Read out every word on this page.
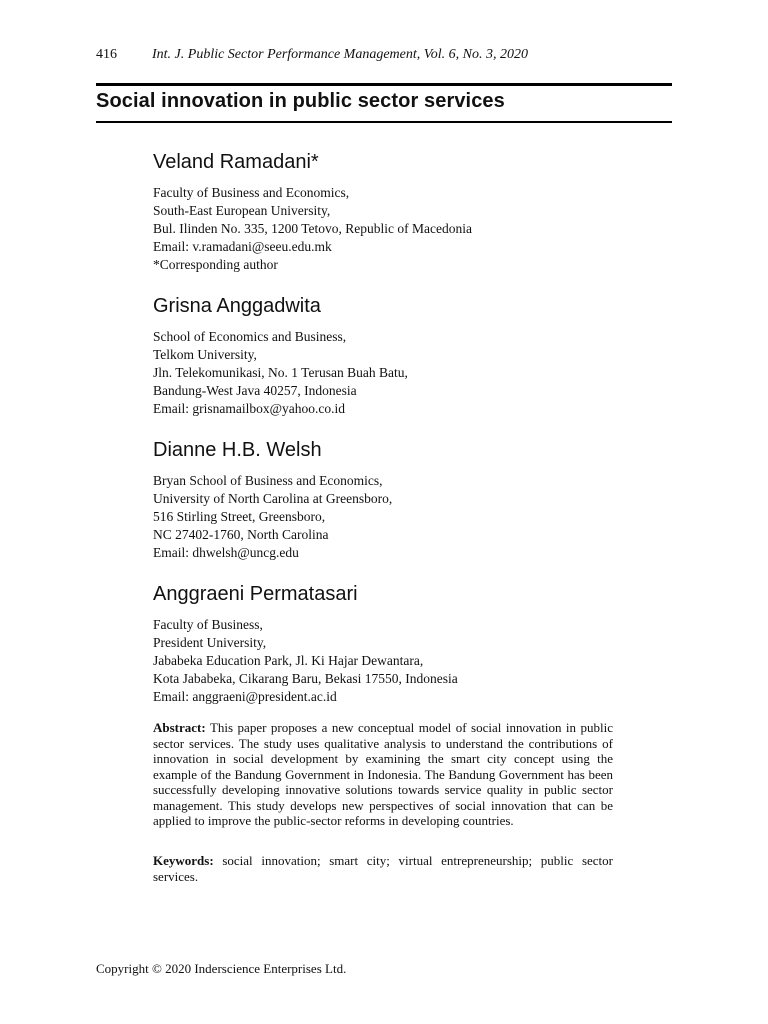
416	Int. J. Public Sector Performance Management, Vol. 6, No. 3, 2020
Social innovation in public sector services
Veland Ramadani*
Faculty of Business and Economics,
South-East European University,
Bul. Ilinden No. 335, 1200 Tetovo, Republic of Macedonia
Email: v.ramadani@seeu.edu.mk
*Corresponding author
Grisna Anggadwita
School of Economics and Business,
Telkom University,
Jln. Telekomunikasi, No. 1 Terusan Buah Batu,
Bandung-West Java 40257, Indonesia
Email: grisnamailbox@yahoo.co.id
Dianne H.B. Welsh
Bryan School of Business and Economics,
University of North Carolina at Greensboro,
516 Stirling Street, Greensboro,
NC 27402-1760, North Carolina
Email: dhwelsh@uncg.edu
Anggraeni Permatasari
Faculty of Business,
President University,
Jababeka Education Park, Jl. Ki Hajar Dewantara,
Kota Jababeka, Cikarang Baru, Bekasi 17550, Indonesia
Email: anggraeni@president.ac.id

Abstract: This paper proposes a new conceptual model of social innovation in public sector services. The study uses qualitative analysis to understand the contributions of innovation in social development by examining the smart city concept using the example of the Bandung Government in Indonesia. The Bandung Government has been successfully developing innovative solutions towards service quality in public sector management. This study develops new perspectives of social innovation that can be applied to improve the public-sector reforms in developing countries.

Keywords: social innovation; smart city; virtual entrepreneurship; public sector services.

Copyright © 2020 Inderscience Enterprises Ltd.
